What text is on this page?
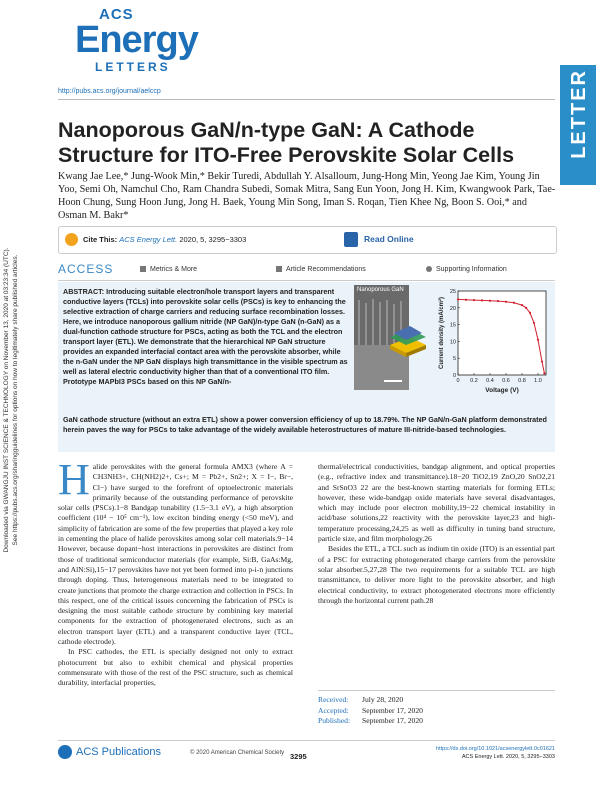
Downloaded via GWANGJU INST SCIENCE & TECHNOLOGY on November 13, 2020 at 03:23:34 (UTC). See https://pubs.acs.org/sharingguidelines for options on how to legitimately share published articles.
ACS
Energy
LETTERS
http://pubs.acs.org/journal/aelccp	LETTER
Nanoporous GaN/n-type GaN: A Cathode
Structure for ITO-Free Perovskite Solar Cells
Kwang Jae Lee,* Jung-Wook Min,* Bekir Turedi, Abdullah Y. Alsalloum, Jung-Hong Min, Yeong Jae Kim, Young Jin Yoo, Semi Oh, Namchul Cho, Ram Chandra Subedi, Somak Mitra, Sang Eun Yoon, Jong H. Kim, Kwangwook Park, Tae-Hoon Chung, Sung Hoon Jung, Jong H. Baek, Young Min Song, Iman S. Roqan, Tien Khee Ng, Boon S. Ooi,* and Osman M. Bakr*
Cite This: ACS Energy Lett. 2020, 5, 3295−3303	Read Online
ACCESS	Metrics & More	Article Recommendations	Supporting Information
ABSTRACT: Introducing suitable electron/hole transport layers and transparent conductive layers (TCLs) into perovskite solar cells (PSCs) is key to enhancing the selective extraction of charge carriers and reducing surface recombination losses. Here, we introduce nanoporous gallium nitride (NP GaN)/n-type GaN (n-GaN) as a dual-function cathode structure for PSCs, acting as both the TCL and the electron transport layer (ETL). We demonstrate that the hierarchical NP GaN structure provides an expanded interfacial contact area with the perovskite absorber, while the n-GaN under the NP GaN displays high transmittance in the visible spectrum as well as lateral electric conductivity higher than that of a conventional ITO film. Prototype MAPbI3 PSCs based on this NP GaN/n-
Nanoporous GaN
0 0.2 0.4 0.6 0.8 1.0
0
5
10
15
20
25
Voltage (V)
Current density (mA/cm²)
GaN cathode structure (without an extra ETL) show a power conversion efficiency of up to 18.79%. The NP GaN/n-GaN platform demonstrated herein paves the way for PSCs to take advantage of the widely available heterostructures of mature III-nitride-based technologies.

Halide perovskites with the general formula AMX3 (where A = CH3NH3+, CH(NH2)2+, Cs+; M = Pb2+, Sn2+; X = I−, Br−, Cl−) have surged to the forefront of optoelectronic materials primarily because of the outstanding performance of perovskite solar cells (PSCs).1−8 Bandgap tunability (1.5−3.1 eV), a high absorption coefficient (10⁴ − 10⁵ cm⁻¹), low exciton binding energy (<50 meV), and simplicity of fabrication are some of the few properties that played a key role in cementing the place of halide perovskites among solar cell materials.9−14 However, because dopant−host interactions in perovskites are distinct from those of traditional semiconductor materials (for example, Si:B, GaAs:Mg, and AlN:Si),15−17 perovskites have not yet been formed into p-i-n junctions through doping. Thus, heterogeneous materials need to be integrated to create junctions that promote the charge extraction and collection in PSCs. In this respect, one of the critical issues concerning the fabrication of PSCs is designing the most suitable cathode structure by combining key material components for the extraction of photogenerated electrons, such as an electron transport layer (ETL) and a transparent conductive layer (TCL, cathode electrode).

In PSC cathodes, the ETL is specially designed not only to extract photocurrent but also to exhibit chemical and physical properties commensurate with those of the rest of the PSC structure, such as chemical durability, interfacial properties,

thermal/electrical conductivities, bandgap alignment, and optical properties (e.g., refractive index and transmittance).18−20 TiO2,19 ZnO,20 SnO2,21 and SrSnO3 22 are the best-known starting materials for forming ETLs; however, these wide-bandgap oxide materials have several disadvantages, which may include poor electron mobility,19−22 chemical instability in acid/base solutions,22 reactivity with the perovskite layer,23 and high-temperature processing,24,25 as well as difficulty in tuning band structure, particle size, and film morphology.26

Besides the ETL, a TCL such as indium tin oxide (ITO) is an essential part of a PSC for extracting photogenerated charge carriers from the perovskite solar absorber.5,27,28 The two requirements for a suitable TCL are high transmittance, to deliver more light to the perovskite absorber, and high electrical conductivity, to extract photogenerated electrons more efficiently through the horizontal current path.28

Received: July 28, 2020
Accepted: September 17, 2020
Published: September 17, 2020
ACS Publications	© 2020 American Chemical Society 3295
https://dx.doi.org/10.1021/acsenergylett.0c01621
ACS Energy Lett. 2020, 5, 3295−3303
